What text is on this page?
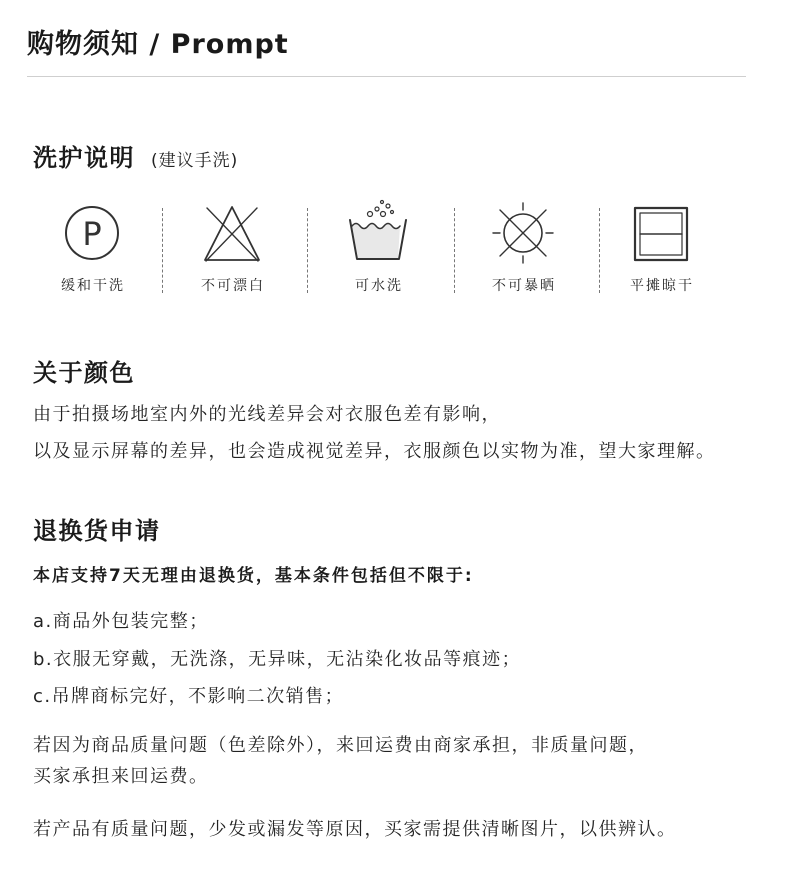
购物须知 / Prompt
洗护说明 (建议手洗)
P
缓和干洗	不可漂白	可水洗	不可暴晒	平摊晾干
关于颜色
由于拍摄场地室内外的光线差异会对衣服色差有影响，
以及显示屏幕的差异，也会造成视觉差异，衣服颜色以实物为准，望大家理解。
退换货申请
本店支持7天无理由退换货，基本条件包括但不限于:
a.商品外包装完整；
b.衣服无穿戴，无洗涤，无异味，无沾染化妆品等痕迹；
c.吊牌商标完好，不影响二次销售；
若因为商品质量问题（色差除外），来回运费由商家承担，非质量问题，
买家承担来回运费。
若产品有质量问题，少发或漏发等原因，买家需提供清晰图片，以供辨认。
